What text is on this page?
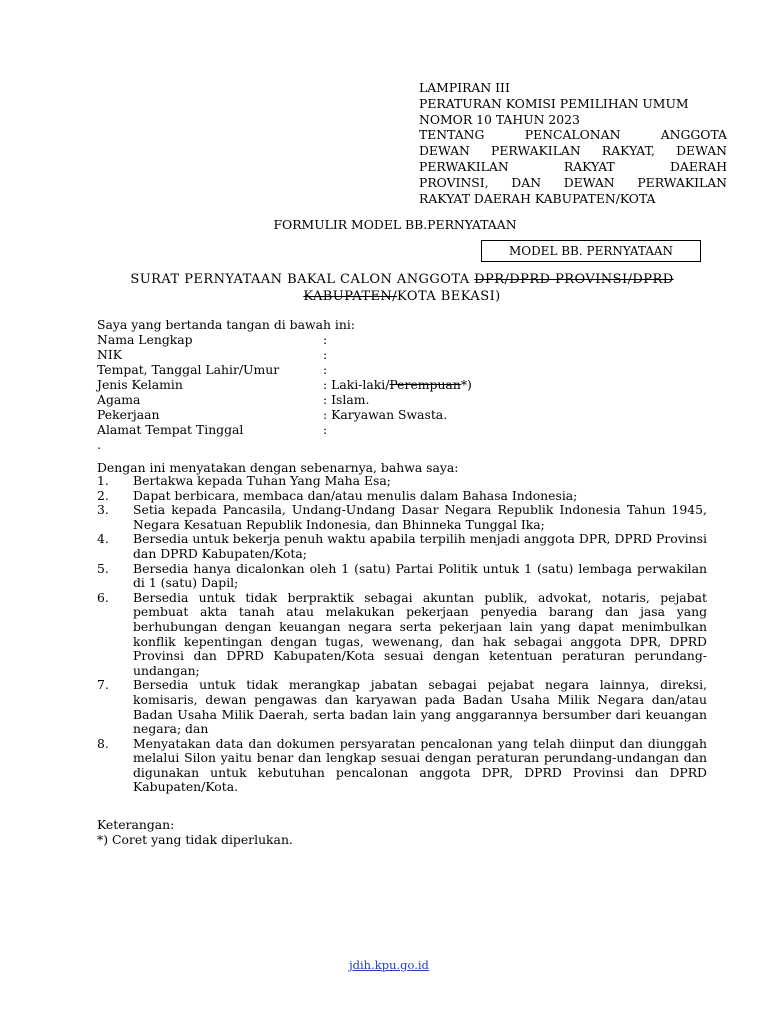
LAMPIRAN III
PERATURAN KOMISI PEMILIHAN UMUM
NOMOR 10 TAHUN 2023
TENTANG	PENCALONAN	ANGGOTA
DEWAN PERWAKILAN RAKYAT, DEWAN
PERWAKILAN	RAKYAT	DAERAH
PROVINSI, DAN DEWAN PERWAKILAN
RAKYAT DAERAH KABUPATEN/KOTA
FORMULIR MODEL BB.PERNYATAAN
MODEL BB. PERNYATAAN
SURAT PERNYATAAN BAKAL CALON ANGGOTA DPR/DPRD PROVINSI/DPRD
KABUPATEN/KOTA BEKASI)
Saya yang bertanda tangan di bawah ini:
Nama Lengkap	:
NIK	:
Tempat, Tanggal Lahir/Umur	:
Jenis Kelamin	: Laki-laki/Perempuan*)
Agama	: Islam.
Pekerjaan	: Karyawan Swasta.
Alamat Tempat Tinggal	:
.
Dengan ini menyatakan dengan sebenarnya, bahwa saya:
1.	Bertakwa kepada Tuhan Yang Maha Esa;
2.	Dapat berbicara, membaca dan/atau menulis dalam Bahasa Indonesia;
3.	Setia kepada Pancasila, Undang-Undang Dasar Negara Republik Indonesia Tahun 1945, Negara Kesatuan Republik Indonesia, dan Bhinneka Tunggal Ika;
4.	Bersedia untuk bekerja penuh waktu apabila terpilih menjadi anggota DPR, DPRD Provinsi dan DPRD Kabupaten/Kota;
5.	Bersedia hanya dicalonkan oleh 1 (satu) Partai Politik untuk 1 (satu) lembaga perwakilan di 1 (satu) Dapil;
6.	Bersedia untuk tidak berpraktik sebagai akuntan publik, advokat, notaris, pejabat pembuat akta tanah atau melakukan pekerjaan penyedia barang dan jasa yang berhubungan dengan keuangan negara serta pekerjaan lain yang dapat menimbulkan konflik kepentingan dengan tugas, wewenang, dan hak sebagai anggota DPR, DPRD Provinsi dan DPRD Kabupaten/Kota sesuai dengan ketentuan peraturan perundang-undangan;
7.	Bersedia untuk tidak merangkap jabatan sebagai pejabat negara lainnya, direksi, komisaris, dewan pengawas dan karyawan pada Badan Usaha Milik Negara dan/atau Badan Usaha Milik Daerah, serta badan lain yang anggarannya bersumber dari keuangan negara; dan
8.	Menyatakan data dan dokumen persyaratan pencalonan yang telah diinput dan diunggah melalui Silon yaitu benar dan lengkap sesuai dengan peraturan perundang-undangan dan digunakan untuk kebutuhan pencalonan anggota DPR, DPRD Provinsi dan DPRD Kabupaten/Kota.
Keterangan:
*) Coret yang tidak diperlukan.
jdih.kpu.go.id
